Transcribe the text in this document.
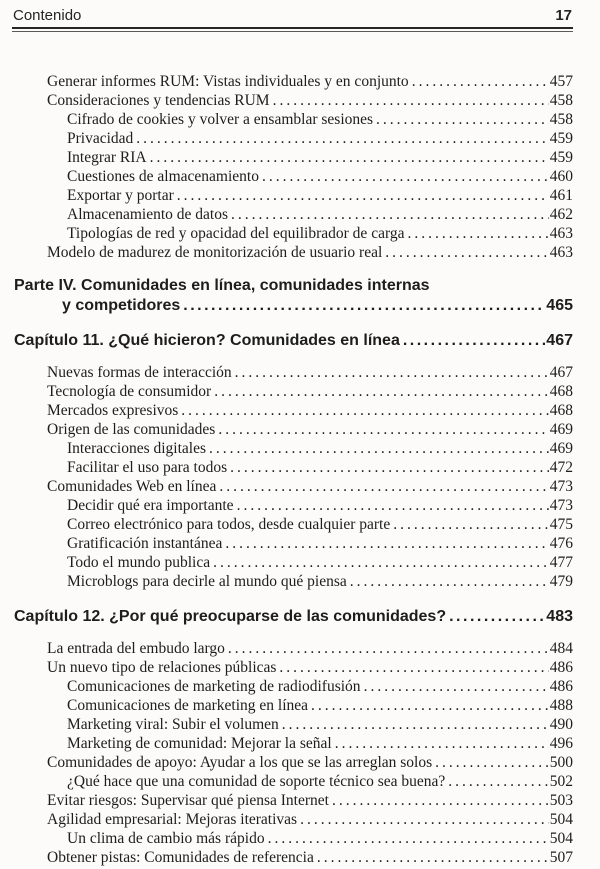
Contenido	17
Generar informes RUM: Vistas individuales y en conjunto .....	457
Consideraciones y tendencias RUM .....	458
Cifrado de cookies y volver a ensamblar sesiones .....	458
Privacidad .....	459
Integrar RIA .....	459
Cuestiones de almacenamiento .....	460
Exportar y portar .....	461
Almacenamiento de datos .....	462
Tipologías de red y opacidad del equilibrador de carga .....	463
Modelo de madurez de monitorización de usuario real .....	463
Parte IV. Comunidades en línea, comunidades internas
y competidores .....	465
Capítulo 11. ¿Qué hicieron? Comunidades en línea .....	467
Nuevas formas de interacción .....	467
Tecnología de consumidor .....	468
Mercados expresivos .....	468
Origen de las comunidades .....	469
Interacciones digitales .....	469
Facilitar el uso para todos .....	472
Comunidades Web en línea .....	473
Decidir qué era importante .....	473
Correo electrónico para todos, desde cualquier parte .....	475
Gratificación instantánea .....	476
Todo el mundo publica .....	477
Microblogs para decirle al mundo qué piensa .....	479
Capítulo 12. ¿Por qué preocuparse de las comunidades? .....	483
La entrada del embudo largo .....	484
Un nuevo tipo de relaciones públicas .....	486
Comunicaciones de marketing de radiodifusión .....	486
Comunicaciones de marketing en línea .....	488
Marketing viral: Subir el volumen .....	490
Marketing de comunidad: Mejorar la señal .....	496
Comunidades de apoyo: Ayudar a los que se las arreglan solos .....	500
¿Qué hace que una comunidad de soporte técnico sea buena? .....	502
Evitar riesgos: Supervisar qué piensa Internet .....	503
Agilidad empresarial: Mejoras iterativas .....	504
Un clima de cambio más rápido .....	504
Obtener pistas: Comunidades de referencia .....	507
